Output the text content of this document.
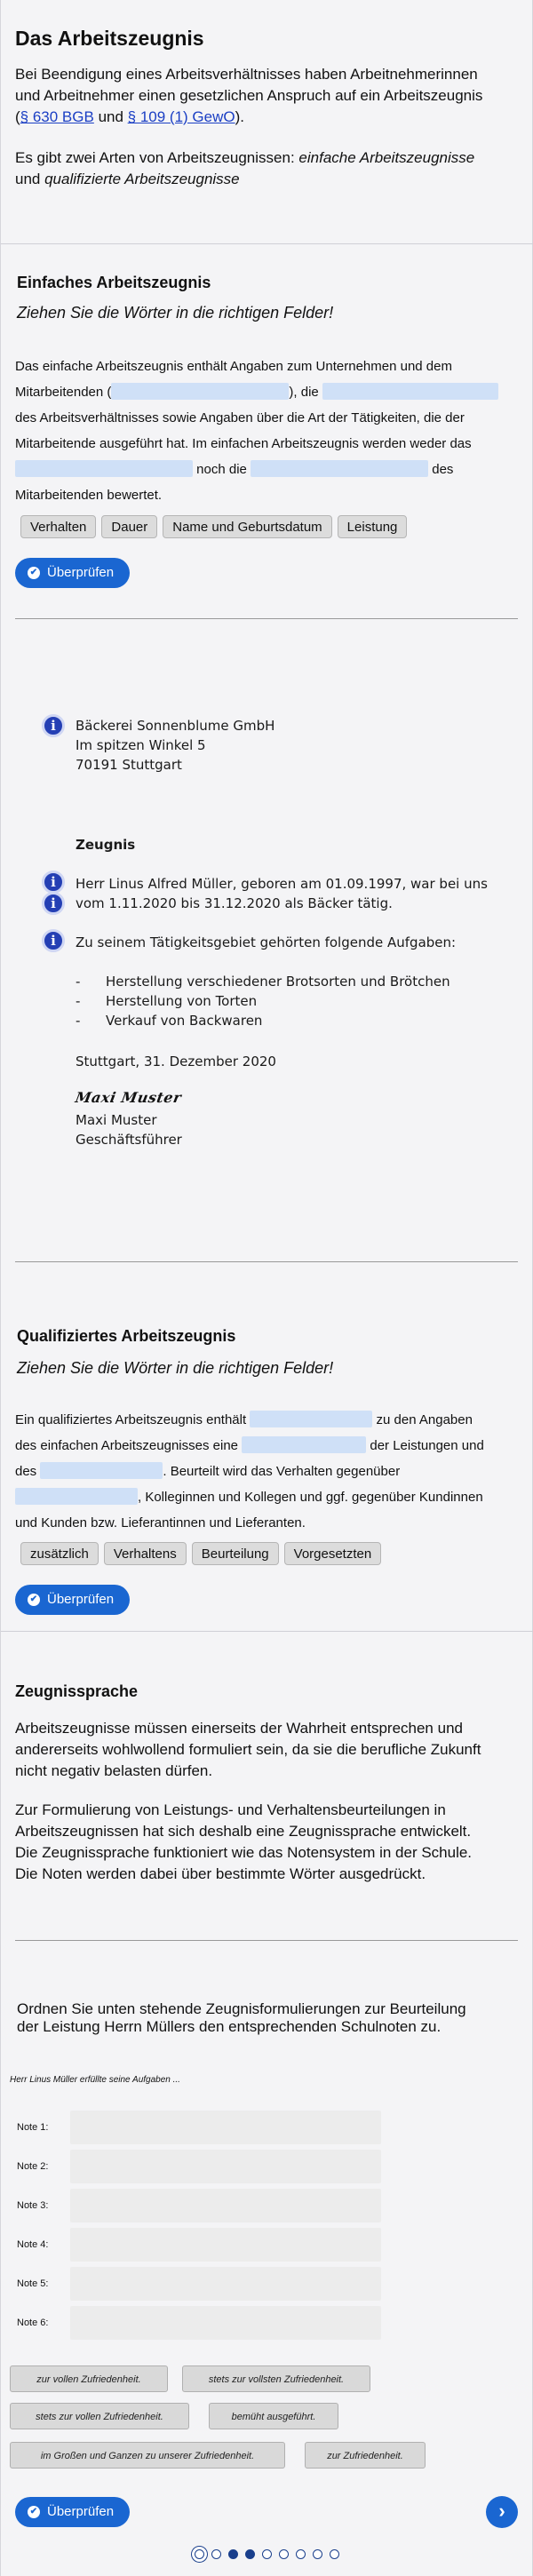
Das Arbeitszeugnis
Bei Beendigung eines Arbeitsverhältnisses haben Arbeitnehmerinnen
und Arbeitnehmer einen gesetzlichen Anspruch auf ein Arbeitszeugnis
(§ 630 BGB und § 109 (1) GewO).
Es gibt zwei Arten von Arbeitszeugnissen: einfache Arbeitszeugnisse
und qualifizierte Arbeitszeugnisse
Einfaches Arbeitszeugnis
Ziehen Sie die Wörter in die richtigen Felder!
Das einfache Arbeitszeugnis enthält Angaben zum Unternehmen und dem
Mitarbeitenden (	), die
des Arbeitsverhältnisses sowie Angaben über die Art der Tätigkeiten, die der
Mitarbeitende ausgeführt hat. Im einfachen Arbeitszeugnis werden weder das
noch die	des
Mitarbeitenden bewertet.
Verhalten Dauer Name und Geburtsdatum Leistung
✔ Überprüfen
i	Bäckerei Sonnenblume GmbH
Im spitzen Winkel 5
70191 Stuttgart
Zeugnis
i
i
Herr Linus Alfred Müller, geboren am 01.09.1997, war bei uns
vom 1.11.2020 bis 31.12.2020 als Bäcker tätig.
i	Zu seinem Tätigkeitsgebiet gehörten folgende Aufgaben:
- Herstellung verschiedener Brotsorten und Brötchen
- Herstellung von Torten
- Verkauf von Backwaren
Stuttgart, 31. Dezember 2020
Maxi Muster
Maxi Muster
Geschäftsführer
Qualifiziertes Arbeitszeugnis
Ziehen Sie die Wörter in die richtigen Felder!
Ein qualifiziertes Arbeitszeugnis enthält	zu den Angaben
des einfachen Arbeitszeugnisses eine	der Leistungen und
des	. Beurteilt wird das Verhalten gegenüber
, Kolleginnen und Kollegen und ggf. gegenüber Kundinnen
und Kunden bzw. Lieferantinnen und Lieferanten.
zusätzlich Verhaltens Beurteilung Vorgesetzten
✔ Überprüfen
Zeugnissprache
Arbeitszeugnisse müssen einerseits der Wahrheit entsprechen und
andererseits wohlwollend formuliert sein, da sie die berufliche Zukunft
nicht negativ belasten dürfen.
Zur Formulierung von Leistungs- und Verhaltensbeurteilungen in
Arbeitszeugnissen hat sich deshalb eine Zeugnissprache entwickelt.
Die Zeugnissprache funktioniert wie das Notensystem in der Schule.
Die Noten werden dabei über bestimmte Wörter ausgedrückt.
Ordnen Sie unten stehende Zeugnisformulierungen zur Beurteilung
der Leistung Herrn Müllers den entsprechenden Schulnoten zu.
Herr Linus Müller erfüllte seine Aufgaben ...
Note 1:
Note 2:
Note 3:
Note 4:
Note 5:
Note 6:
zur vollen Zufriedenheit.	stets zur vollsten Zufriedenheit.
stets zur vollen Zufriedenheit.	bemüht ausgeführt.
im Großen und Ganzen zu unserer Zufriedenheit.	zur Zufriedenheit.
✔ Überprüfen	›
